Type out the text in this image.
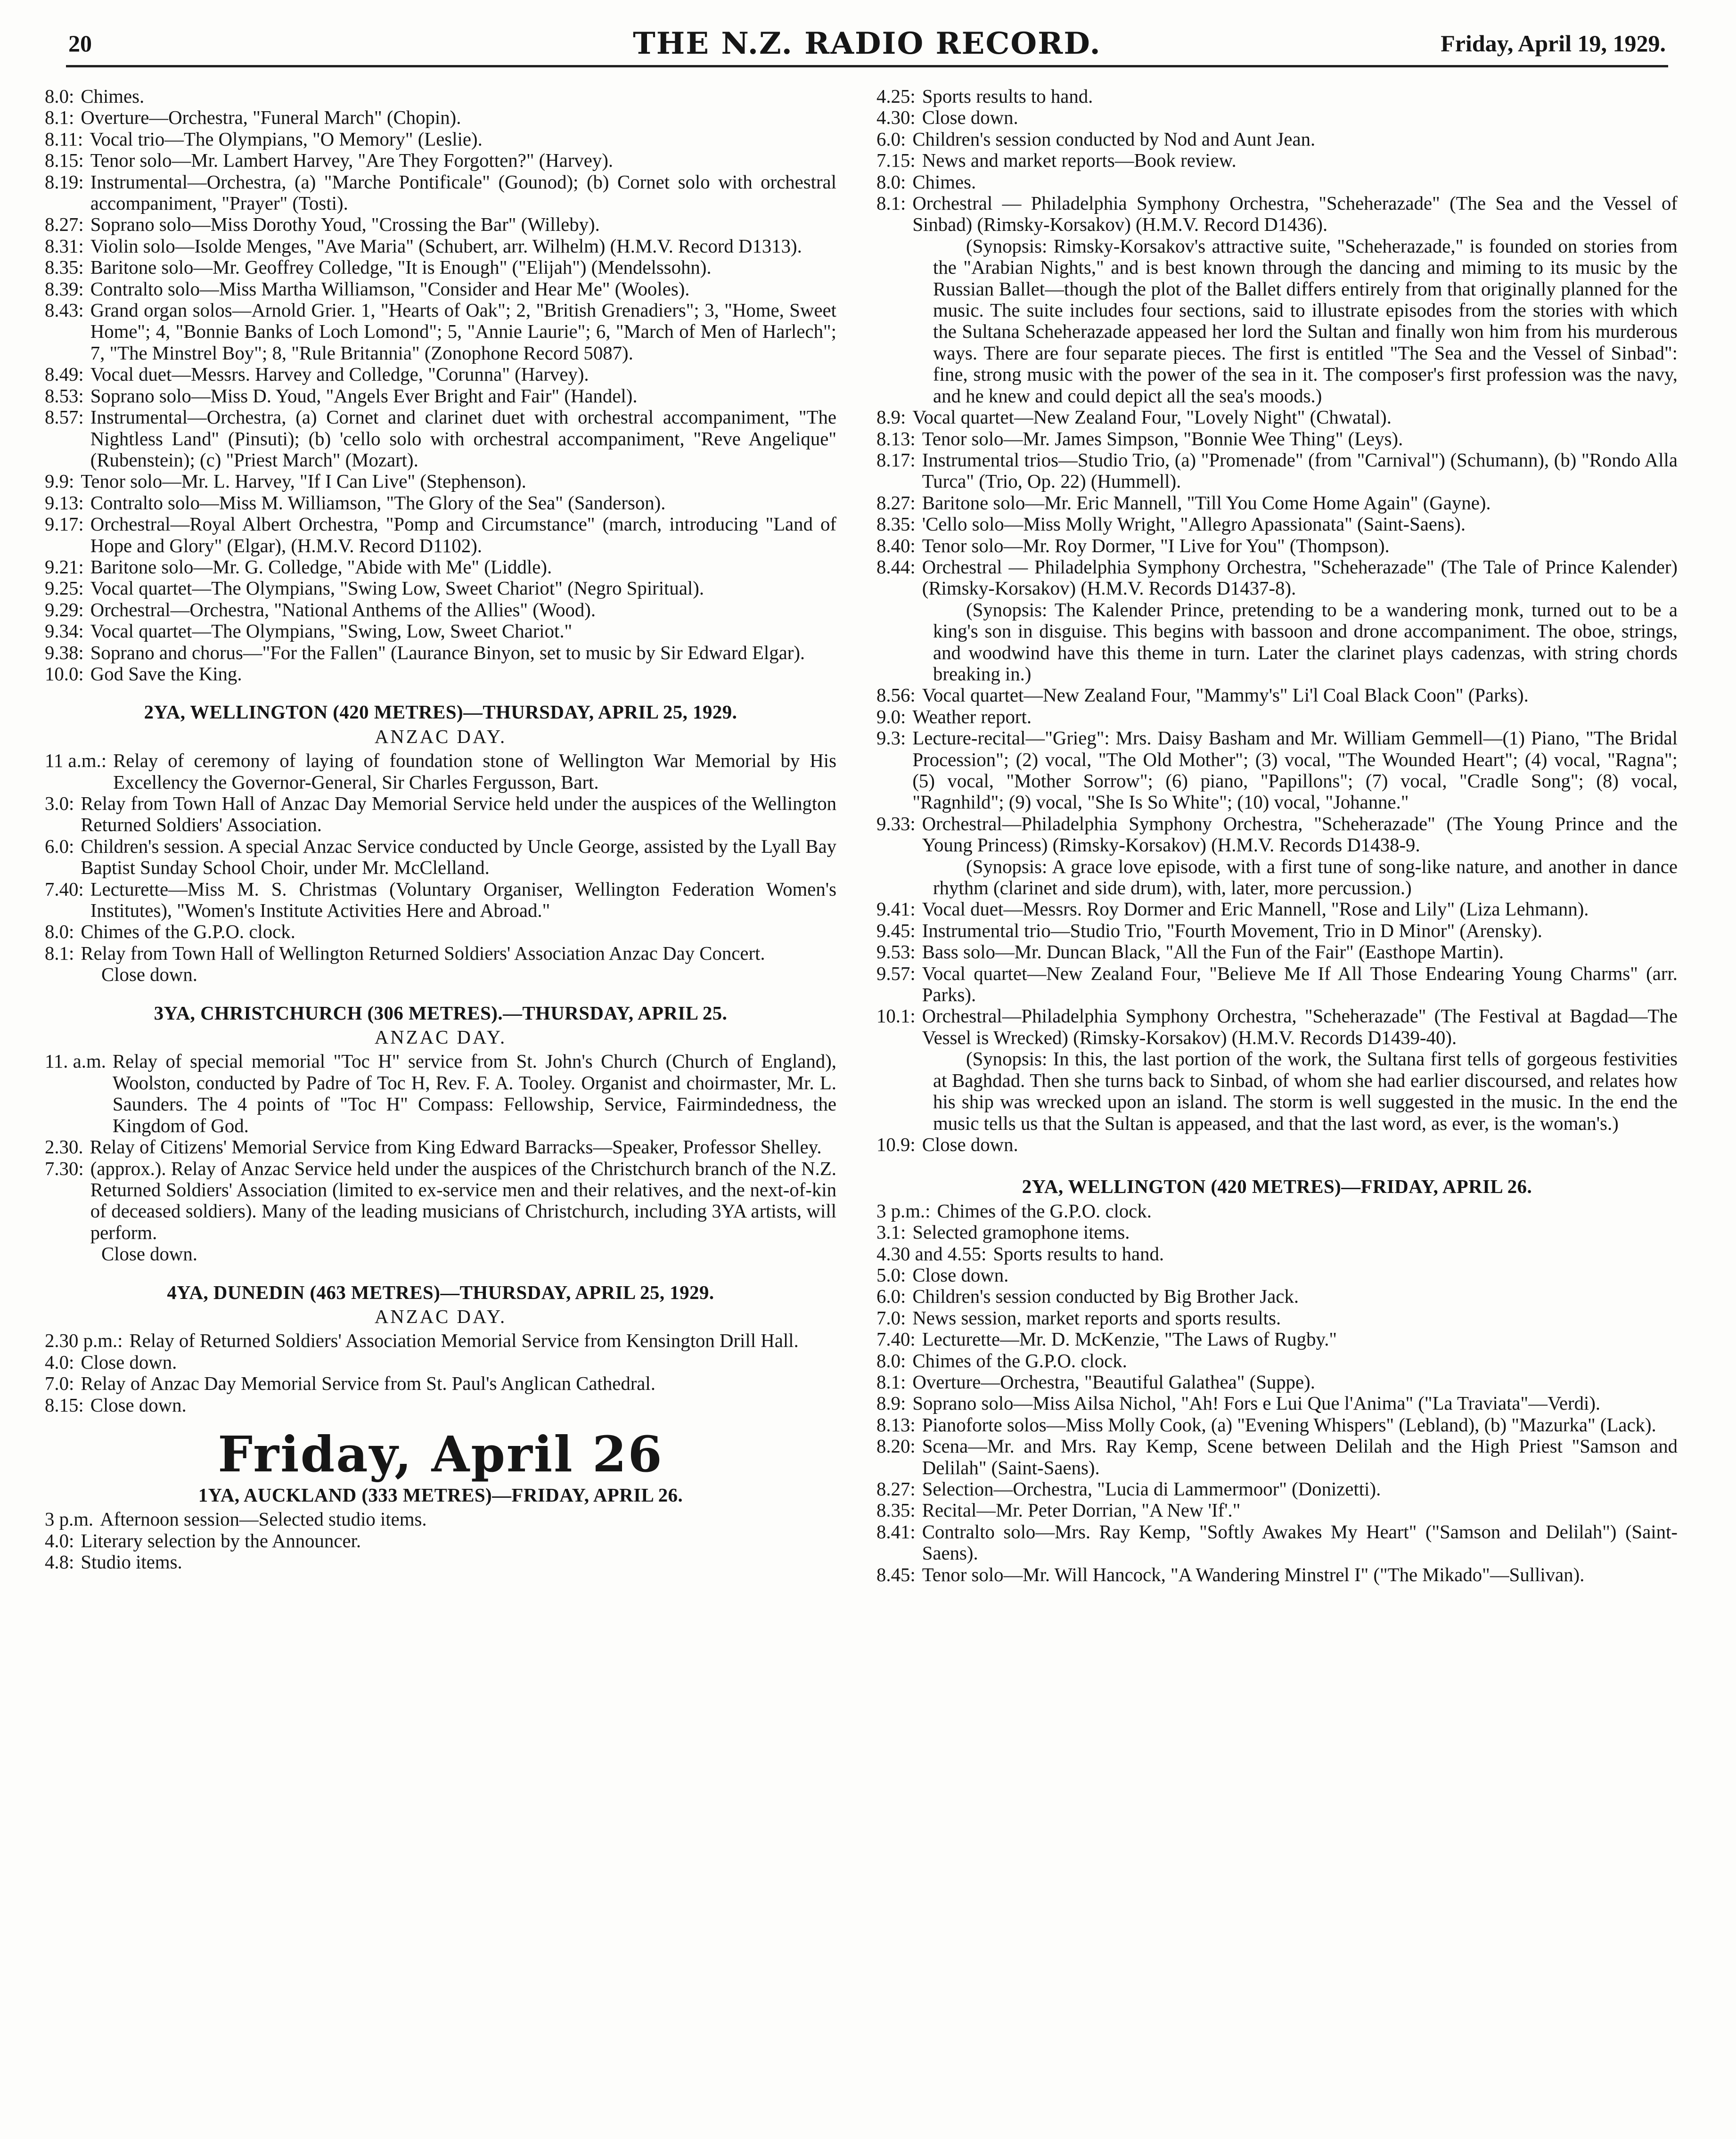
20	THE N.Z. RADIO RECORD.	Friday, April 19, 1929.
8.0: Chimes.
8.1: Overture—Orchestra, "Funeral March" (Chopin).
8.11: Vocal trio—The Olympians, "O Memory" (Leslie).
8.15: Tenor solo—Mr. Lambert Harvey, "Are They Forgotten?" (Harvey).
8.19: Instrumental—Orchestra, (a) "Marche Pontificale" (Gounod); (b) Cornet solo with orchestral accompaniment, "Prayer" (Tosti).
8.27: Soprano solo—Miss Dorothy Youd, "Crossing the Bar" (Willeby).
8.31: Violin solo—Isolde Menges, "Ave Maria" (Schubert, arr. Wilhelm) (H.M.V. Record D1313).
8.35: Baritone solo—Mr. Geoffrey Colledge, "It is Enough" ("Elijah") (Mendelssohn).
8.39: Contralto solo—Miss Martha Williamson, "Consider and Hear Me" (Wooles).
8.43: Grand organ solos—Arnold Grier. 1, "Hearts of Oak"; 2, "British Grenadiers"; 3, "Home, Sweet Home"; 4, "Bonnie Banks of Loch Lomond"; 5, "Annie Laurie"; 6, "March of Men of Harlech"; 7, "The Minstrel Boy"; 8, "Rule Britannia" (Zonophone Record 5087).
8.49: Vocal duet—Messrs. Harvey and Colledge, "Corunna" (Harvey).
8.53: Soprano solo—Miss D. Youd, "Angels Ever Bright and Fair" (Handel).
8.57: Instrumental—Orchestra, (a) Cornet and clarinet duet with orchestral accompaniment, "The Nightless Land" (Pinsuti); (b) 'cello solo with orchestral accompaniment, "Reve Angelique" (Rubenstein); (c) "Priest March" (Mozart).
9.9: Tenor solo—Mr. L. Harvey, "If I Can Live" (Stephenson).
9.13: Contralto solo—Miss M. Williamson, "The Glory of the Sea" (Sanderson).
9.17: Orchestral—Royal Albert Orchestra, "Pomp and Circumstance" (march, introducing "Land of Hope and Glory" (Elgar), (H.M.V. Record D1102).
9.21: Baritone solo—Mr. G. Colledge, "Abide with Me" (Liddle).
9.25: Vocal quartet—The Olympians, "Swing Low, Sweet Chariot" (Negro Spiritual).
9.29: Orchestral—Orchestra, "National Anthems of the Allies" (Wood).
9.34: Vocal quartet—The Olympians, "Swing, Low, Sweet Chariot."
9.38: Soprano and chorus—"For the Fallen" (Laurance Binyon, set to music by Sir Edward Elgar).
10.0: God Save the King.
2YA, WELLINGTON (420 METRES)—THURSDAY, APRIL 25, 1929.
ANZAC DAY.
11 a.m.: Relay of ceremony of laying of foundation stone of Wellington War Memorial by His Excellency the Governor-General, Sir Charles Fergusson, Bart.
3.0: Relay from Town Hall of Anzac Day Memorial Service held under the auspices of the Wellington Returned Soldiers' Association.
6.0: Children's session. A special Anzac Service conducted by Uncle George, assisted by the Lyall Bay Baptist Sunday School Choir, under Mr. McClelland.
7.40: Lecturette—Miss M. S. Christmas (Voluntary Organiser, Wellington Federation Women's Institutes), "Women's Institute Activities Here and Abroad."
8.0: Chimes of the G.P.O. clock.
8.1: Relay from Town Hall of Wellington Returned Soldiers' Association Anzac Day Concert.
Close down.
3YA, CHRISTCHURCH (306 METRES).—THURSDAY, APRIL 25.
ANZAC DAY.
11. a.m. Relay of special memorial "Toc H" service from St. John's Church (Church of England), Woolston, conducted by Padre of Toc H, Rev. F. A. Tooley. Organist and choirmaster, Mr. L. Saunders. The 4 points of "Toc H" Compass: Fellowship, Service, Fairmindedness, the Kingdom of God.
2.30. Relay of Citizens' Memorial Service from King Edward Barracks—Speaker, Professor Shelley.
7.30: (approx.). Relay of Anzac Service held under the auspices of the Christchurch branch of the N.Z. Returned Soldiers' Association (limited to ex-service men and their relatives, and the next-of-kin of deceased soldiers). Many of the leading musicians of Christchurch, including 3YA artists, will perform.
Close down.
4YA, DUNEDIN (463 METRES)—THURSDAY, APRIL 25, 1929.
ANZAC DAY.
2.30 p.m.: Relay of Returned Soldiers' Association Memorial Service from Kensington Drill Hall.
4.0: Close down.
7.0: Relay of Anzac Day Memorial Service from St. Paul's Anglican Cathedral.
8.15: Close down.
Friday, April 26
1YA, AUCKLAND (333 METRES)—FRIDAY, APRIL 26.
3 p.m. Afternoon session—Selected studio items.
4.0: Literary selection by the Announcer.
4.8: Studio items.
4.25: Sports results to hand.
4.30: Close down.
6.0: Children's session conducted by Nod and Aunt Jean.
7.15: News and market reports—Book review.
8.0: Chimes.
8.1: Orchestral — Philadelphia Symphony Orchestra, "Scheherazade" (The Sea and the Vessel of Sinbad) (Rimsky-Korsakov) (H.M.V. Record D1436).
(Synopsis: Rimsky-Korsakov's attractive suite, "Scheherazade," is founded on stories from the "Arabian Nights," and is best known through the dancing and miming to its music by the Russian Ballet—though the plot of the Ballet differs entirely from that originally planned for the music. The suite includes four sections, said to illustrate episodes from the stories with which the Sultana Scheherazade appeased her lord the Sultan and finally won him from his murderous ways. There are four separate pieces. The first is entitled "The Sea and the Vessel of Sinbad": fine, strong music with the power of the sea in it. The composer's first profession was the navy, and he knew and could depict all the sea's moods.)
8.9: Vocal quartet—New Zealand Four, "Lovely Night" (Chwatal).
8.13: Tenor solo—Mr. James Simpson, "Bonnie Wee Thing" (Leys).
8.17: Instrumental trios—Studio Trio, (a) "Promenade" (from "Carnival") (Schumann), (b) "Rondo Alla Turca" (Trio, Op. 22) (Hummell).
8.27: Baritone solo—Mr. Eric Mannell, "Till You Come Home Again" (Gayne).
8.35: 'Cello solo—Miss Molly Wright, "Allegro Apassionata" (Saint-Saens).
8.40: Tenor solo—Mr. Roy Dormer, "I Live for You" (Thompson).
8.44: Orchestral — Philadelphia Symphony Orchestra, "Scheherazade" (The Tale of Prince Kalender) (Rimsky-Korsakov) (H.M.V. Records D1437-8).
(Synopsis: The Kalender Prince, pretending to be a wandering monk, turned out to be a king's son in disguise. This begins with bassoon and drone accompaniment. The oboe, strings, and woodwind have this theme in turn. Later the clarinet plays cadenzas, with string chords breaking in.)
8.56: Vocal quartet—New Zealand Four, "Mammy's" Li'l Coal Black Coon" (Parks).
9.0: Weather report.
9.3: Lecture-recital—"Grieg": Mrs. Daisy Basham and Mr. William Gemmell—(1) Piano, "The Bridal Procession"; (2) vocal, "The Old Mother"; (3) vocal, "The Wounded Heart"; (4) vocal, "Ragna"; (5) vocal, "Mother Sorrow"; (6) piano, "Papillons"; (7) vocal, "Cradle Song"; (8) vocal, "Ragnhild"; (9) vocal, "She Is So White"; (10) vocal, "Johanne."
9.33: Orchestral—Philadelphia Symphony Orchestra, "Scheherazade" (The Young Prince and the Young Princess) (Rimsky-Korsakov) (H.M.V. Records D1438-9.
(Synopsis: A grace love episode, with a first tune of song-like nature, and another in dance rhythm (clarinet and side drum), with, later, more percussion.)
9.41: Vocal duet—Messrs. Roy Dormer and Eric Mannell, "Rose and Lily" (Liza Lehmann).
9.45: Instrumental trio—Studio Trio, "Fourth Movement, Trio in D Minor" (Arensky).
9.53: Bass solo—Mr. Duncan Black, "All the Fun of the Fair" (Easthope Martin).
9.57: Vocal quartet—New Zealand Four, "Believe Me If All Those Endearing Young Charms" (arr. Parks).
10.1: Orchestral—Philadelphia Symphony Orchestra, "Scheherazade" (The Festival at Bagdad—The Vessel is Wrecked) (Rimsky-Korsakov) (H.M.V. Records D1439-40).
(Synopsis: In this, the last portion of the work, the Sultana first tells of gorgeous festivities at Baghdad. Then she turns back to Sinbad, of whom she had earlier discoursed, and relates how his ship was wrecked upon an island. The storm is well suggested in the music. In the end the music tells us that the Sultan is appeased, and that the last word, as ever, is the woman's.)
10.9: Close down.
2YA, WELLINGTON (420 METRES)—FRIDAY, APRIL 26.
3 p.m.: Chimes of the G.P.O. clock.
3.1: Selected gramophone items.
4.30 and 4.55: Sports results to hand.
5.0: Close down.
6.0: Children's session conducted by Big Brother Jack.
7.0: News session, market reports and sports results.
7.40: Lecturette—Mr. D. McKenzie, "The Laws of Rugby."
8.0: Chimes of the G.P.O. clock.
8.1: Overture—Orchestra, "Beautiful Galathea" (Suppe).
8.9: Soprano solo—Miss Ailsa Nichol, "Ah! Fors e Lui Que l'Anima" ("La Traviata"—Verdi).
8.13: Pianoforte solos—Miss Molly Cook, (a) "Evening Whispers" (Lebland), (b) "Mazurka" (Lack).
8.20: Scena—Mr. and Mrs. Ray Kemp, Scene between Delilah and the High Priest "Samson and Delilah" (Saint-Saens).
8.27: Selection—Orchestra, "Lucia di Lammermoor" (Donizetti).
8.35: Recital—Mr. Peter Dorrian, "A New 'If'."
8.41: Contralto solo—Mrs. Ray Kemp, "Softly Awakes My Heart" ("Samson and Delilah") (Saint-Saens).
8.45: Tenor solo—Mr. Will Hancock, "A Wandering Minstrel I" ("The Mikado"—Sullivan).
